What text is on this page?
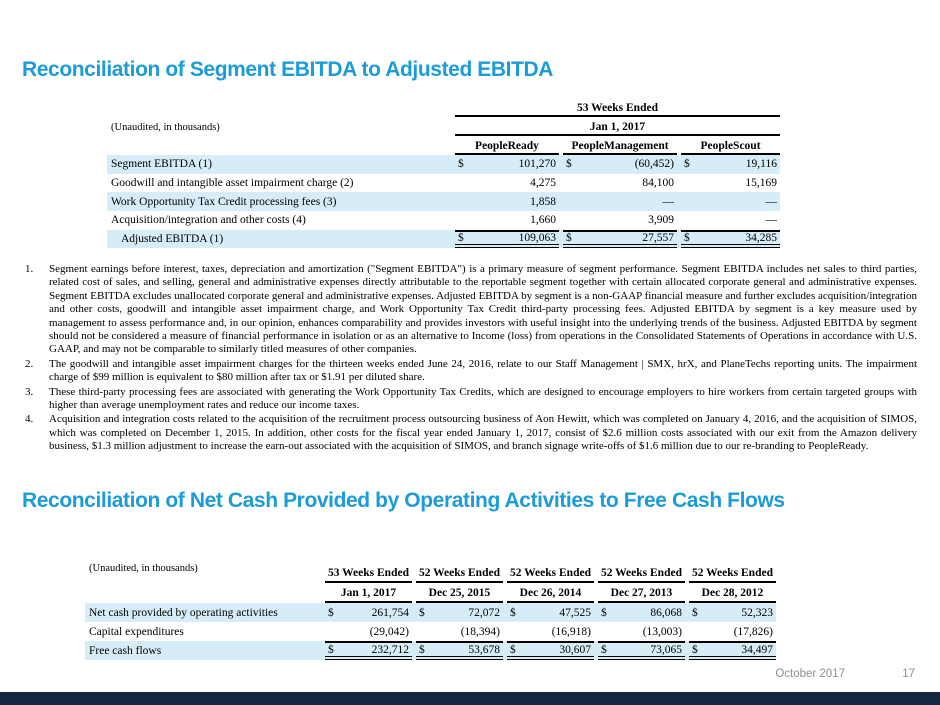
Reconciliation of Segment EBITDA to Adjusted EBITDA
(Unaudited, in thousands)
53 Weeks Ended
Jan 1, 2017
PeopleReady	PeopleManagement	PeopleScout
Segment EBITDA (1)	$	101,270 $	(60,452) $	19,116
Goodwill and intangible asset impairment charge (2)	4,275	84,100	15,169
Work Opportunity Tax Credit processing fees (3)	1,858	—	—
Acquisition/integration and other costs (4)	1,660	3,909	—
Adjusted EBITDA (1)	$	109,063 $	27,557 $	34,285
1.	Segment earnings before interest, taxes, depreciation and amortization ("Segment EBITDA") is a primary measure of segment performance. Segment EBITDA includes net sales to third parties, related cost of sales, and selling, general and administrative expenses directly attributable to the reportable segment together with certain allocated corporate general and administrative expenses. Segment EBITDA excludes unallocated corporate general and administrative expenses. Adjusted EBITDA by segment is a non-GAAP financial measure and further excludes acquisition/integration and other costs, goodwill and intangible asset impairment charge, and Work Opportunity Tax Credit third-party processing fees. Adjusted EBITDA by segment is a key measure used by management to assess performance and, in our opinion, enhances comparability and provides investors with useful insight into the underlying trends of the business. Adjusted EBITDA by segment should not be considered a measure of financial performance in isolation or as an alternative to Income (loss) from operations in the Consolidated Statements of Operations in accordance with U.S. GAAP, and may not be comparable to similarly titled measures of other companies.
2.	The goodwill and intangible asset impairment charges for the thirteen weeks ended June 24, 2016, relate to our Staff Management | SMX, hrX, and PlaneTechs reporting units. The impairment charge of $99 million is equivalent to $80 million after tax or $1.91 per diluted share.
3.	These third-party processing fees are associated with generating the Work Opportunity Tax Credits, which are designed to encourage employers to hire workers from certain targeted groups with higher than average unemployment rates and reduce our income taxes.
4.	Acquisition and integration costs related to the acquisition of the recruitment process outsourcing business of Aon Hewitt, which was completed on January 4, 2016, and the acquisition of SIMOS, which was completed on December 1, 2015. In addition, other costs for the fiscal year ended January 1, 2017, consist of $2.6 million costs associated with our exit from the Amazon delivery business, $1.3 million adjustment to increase the earn-out associated with the acquisition of SIMOS, and branch signage write-offs of $1.6 million due to our re-branding to PeopleReady.
Reconciliation of Net Cash Provided by Operating Activities to Free Cash Flows
(Unaudited, in thousands)	53 Weeks Ended 52 Weeks Ended 52 Weeks Ended 52 Weeks Ended 52 Weeks Ended
Jan 1, 2017	Dec 25, 2015	Dec 26, 2014	Dec 27, 2013	Dec 28, 2012
Net cash provided by operating activities	$	261,754 $	72,072 $	47,525 $	86,068 $	52,323
Capital expenditures	(29,042)	(18,394)	(16,918)	(13,003)	(17,826)
Free cash flows	$	232,712 $	53,678 $	30,607 $	73,065 $	34,497
October 2017	17
